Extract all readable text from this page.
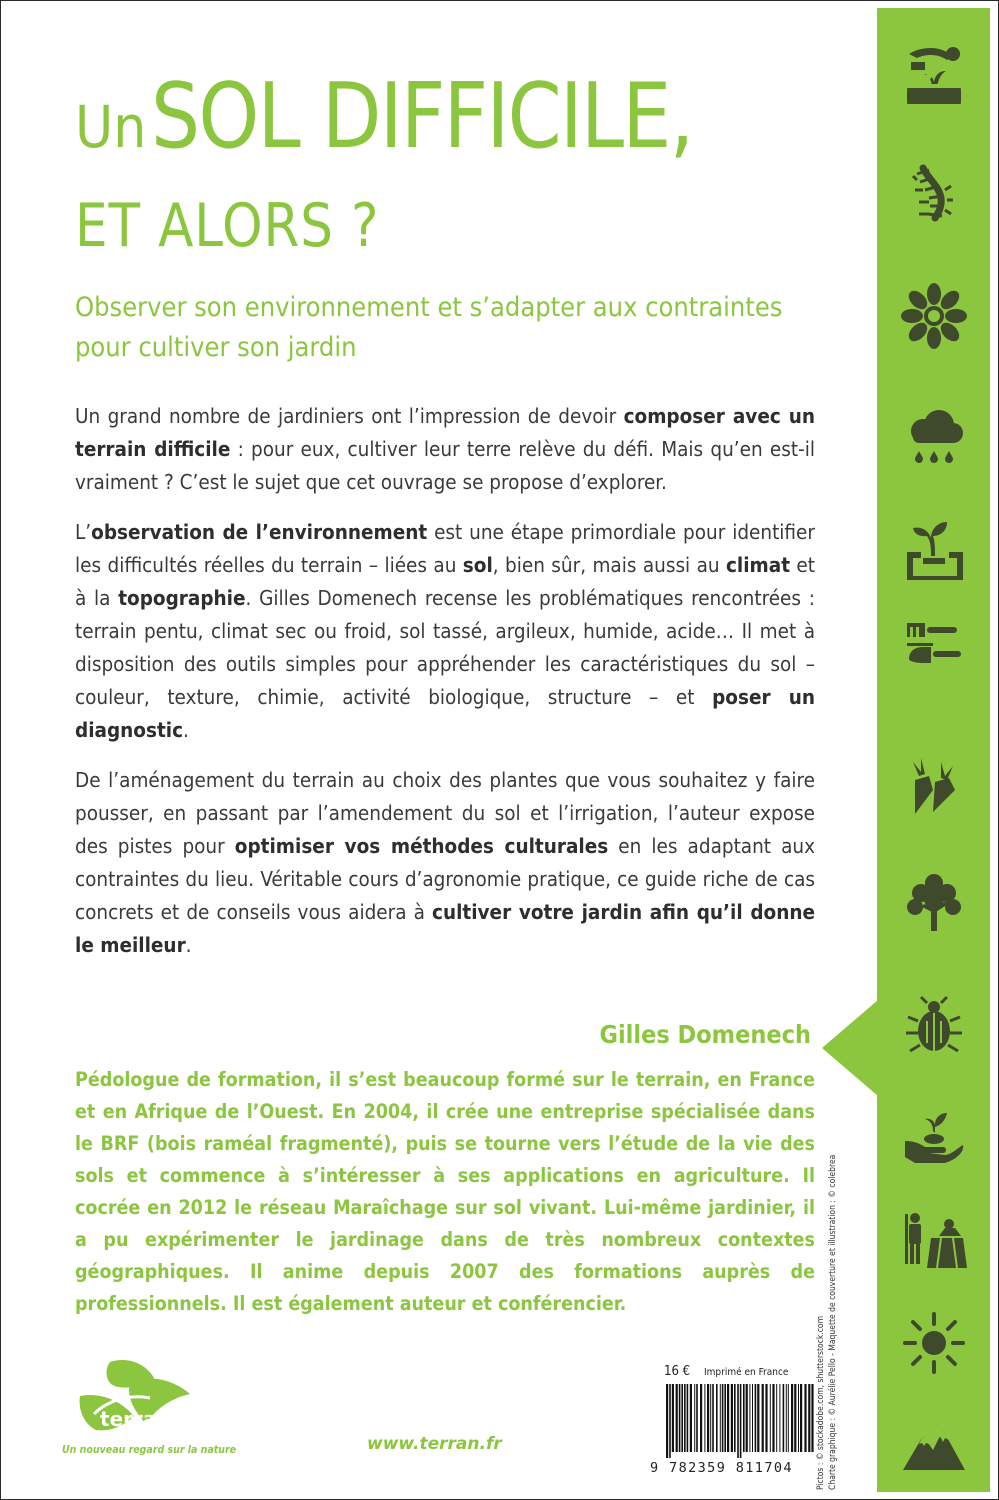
Un SOL DIFFICILE,
ET ALORS ?
Observer son environnement et s’adapter aux contraintes pour cultiver son jardin

Un grand nombre de jardiniers ont l’impression de devoir composer avec un terrain difficile : pour eux, cultiver leur terre relève du défi. Mais qu’en est-il vraiment ? C’est le sujet que cet ouvrage se propose d’explorer.

L’observation de l’environnement est une étape primordiale pour identifier les difficultés réelles du terrain – liées au sol, bien sûr, mais aussi au climat et à la topographie. Gilles Domenech recense les problématiques rencontrées : terrain pentu, climat sec ou froid, sol tassé, argileux, humide, acide… Il met à disposition des outils simples pour appréhender les caractéristiques du sol – couleur, texture, chimie, activité biologique, structure – et poser un diagnostic.

De l’aménagement du terrain au choix des plantes que vous souhaitez y faire pousser, en passant par l’amendement du sol et l’irrigation, l’auteur expose des pistes pour optimiser vos méthodes culturales en les adaptant aux contraintes du lieu. Véritable cours d’agronomie pratique, ce guide riche de cas concrets et de conseils vous aidera à cultiver votre jardin afin qu’il donne le meilleur.

Gilles Domenech
Pédologue de formation, il s’est beaucoup formé sur le terrain, en France et en Afrique de l’Ouest. En 2004, il crée une entreprise spécialisée dans le BRF (bois raméal fragmenté), puis se tourne vers l’étude de la vie des sols et commence à s’intéresser à ses applications en agriculture. Il cocrée en 2012 le réseau Maraîchage sur sol vivant. Lui-même jardinier, il a pu expérimenter le jardinage dans de très nombreux contextes géographiques. Il anime depuis 2007 des formations auprès de professionnels. Il est également auteur et conférencier.
Pictos : © stockadobe.com, shutterstock.com Charte graphique : © Aurélie Pello - Maquette de couverture et illustration : © colebrea
terran
Un nouveau regard sur la nature	www.terran.fr
16 € Imprimé en France
9 782359 811704
